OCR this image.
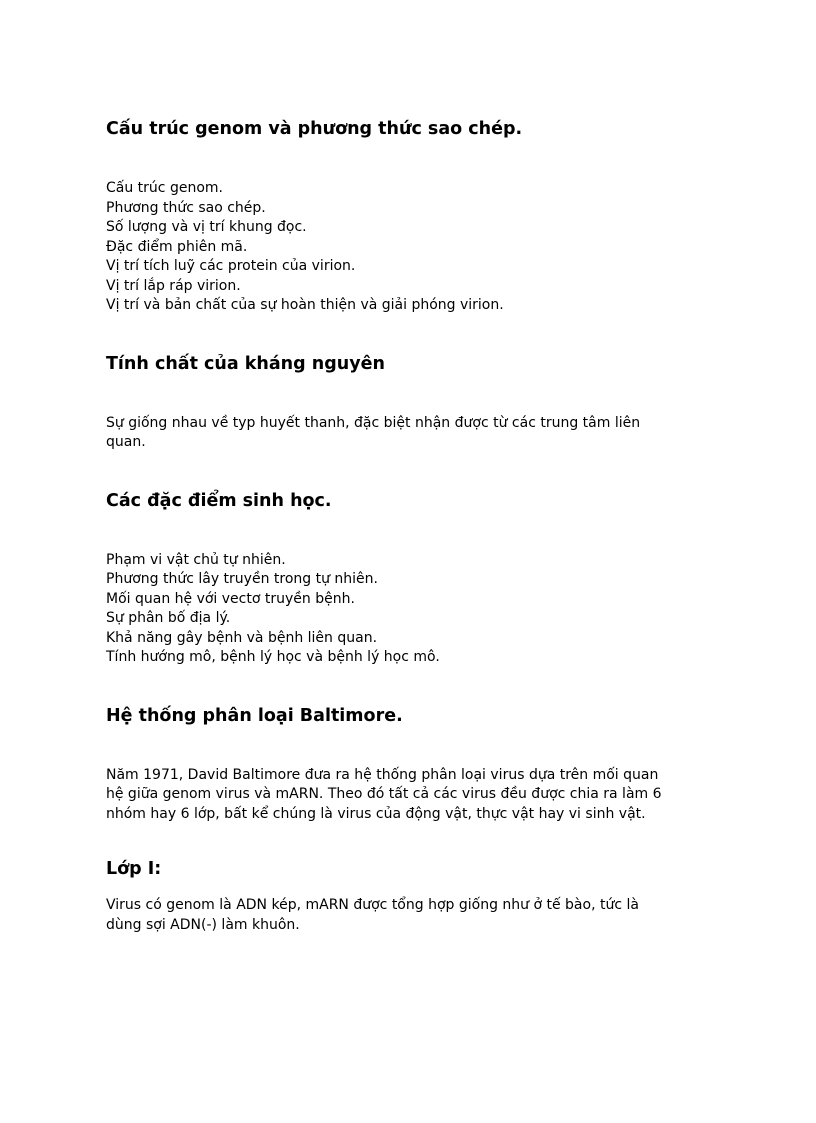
Cấu trúc genom và phương thức sao chép.
Cấu trúc genom.
Phương thức sao chép.
Số lượng và vị trí khung đọc.
Đặc điểm phiên mã.
Vị trí tích luỹ các protein của virion.
Vị trí lắp ráp virion.
Vị trí và bản chất của sự hoàn thiện và giải phóng virion.
Tính chất của kháng nguyên
Sự giống nhau về typ huyết thanh, đặc biệt nhận được từ các trung tâm liên
quan.
Các đặc điểm sinh học.
Phạm vi vật chủ tự nhiên.
Phương thức lây truyền trong tự nhiên.
Mối quan hệ với vectơ truyền bệnh.
Sự phân bố địa lý.
Khả năng gây bệnh và bệnh liên quan.
Tính hướng mô, bệnh lý học và bệnh lý học mô.
Hệ thống phân loại Baltimore.
Năm 1971, David Baltimore đưa ra hệ thống phân loại virus dựa trên mối quan
hệ giữa genom virus và mARN. Theo đó tất cả các virus đều được chia ra làm 6
nhóm hay 6 lớp, bất kể chúng là virus của động vật, thực vật hay vi sinh vật.
Lớp I:
Virus có genom là ADN kép, mARN được tổng hợp giống như ở tế bào, tức là
dùng sợi ADN(-) làm khuôn.
